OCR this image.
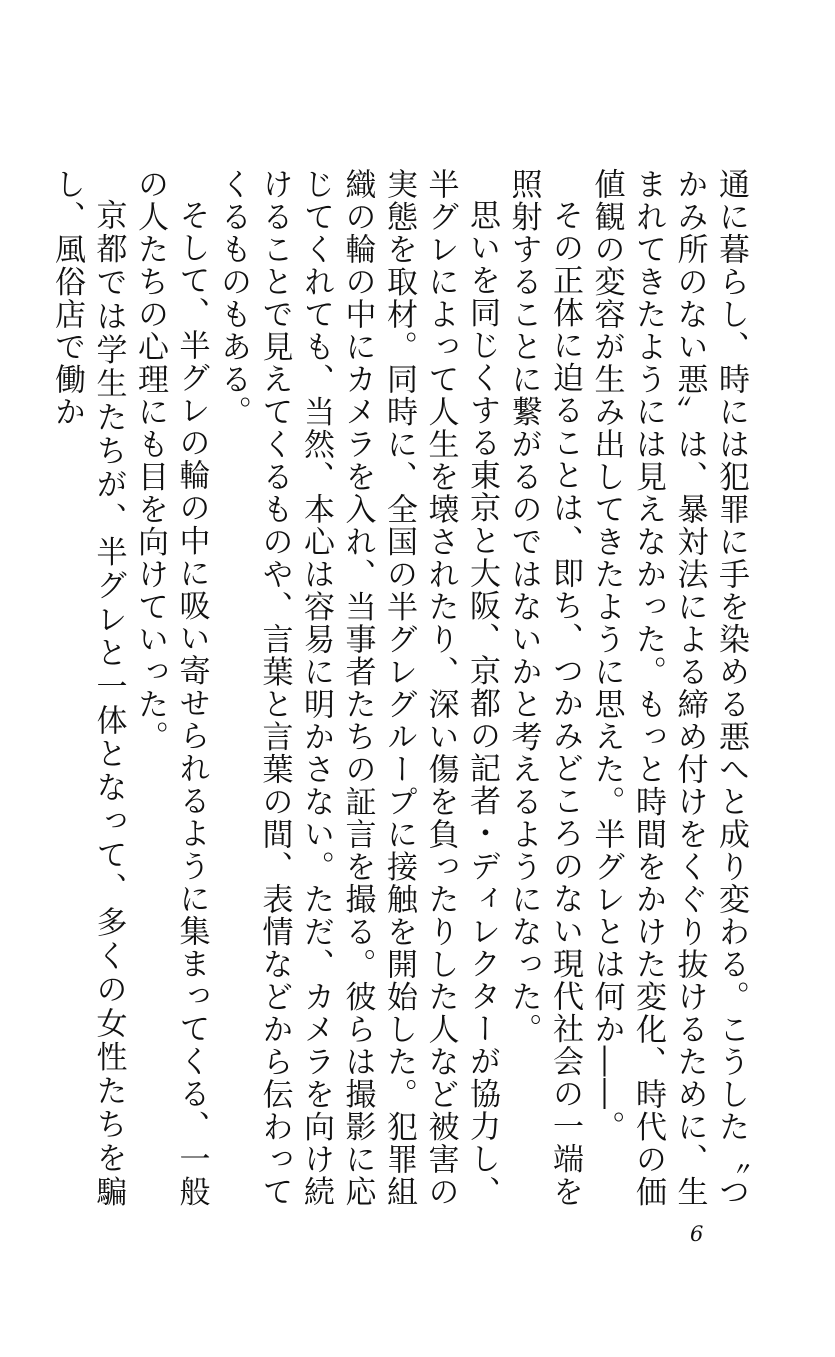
通に暮らし、時には犯罪に手を染める悪へと成り変わる。こうした〝つかみ所のない悪〟は、暴対法による締め付けをくぐり抜けるために、生まれてきたようには見えなかった。もっと時間をかけた変化、時代の価値観の変容が生み出してきたように思えた。半グレとは何か――。

その正体に迫ることは、即ち、つかみどころのない現代社会の一端を照射することに繋がるのではないかと考えるようになった。

思いを同じくする東京と大阪、京都の記者・ディレクターが協力し、半グレによって人生を壊されたり、深い傷を負ったりした人など被害の実態を取材。同時に、全国の半グレグループに接触を開始した。犯罪組織の輪の中にカメラを入れ、当事者たちの証言を撮る。彼らは撮影に応じてくれても、当然、本心は容易に明かさない。ただ、カメラを向け続けることで見えてくるものや、言葉と言葉の間、表情などから伝わってくるものもある。

そして、半グレの輪の中に吸い寄せられるように集まってくる、一般の人たちの心理にも目を向けていった。

京都では学生たちが、半グレと一体となって、多くの女性たちを騙し、風俗店で働か

6
